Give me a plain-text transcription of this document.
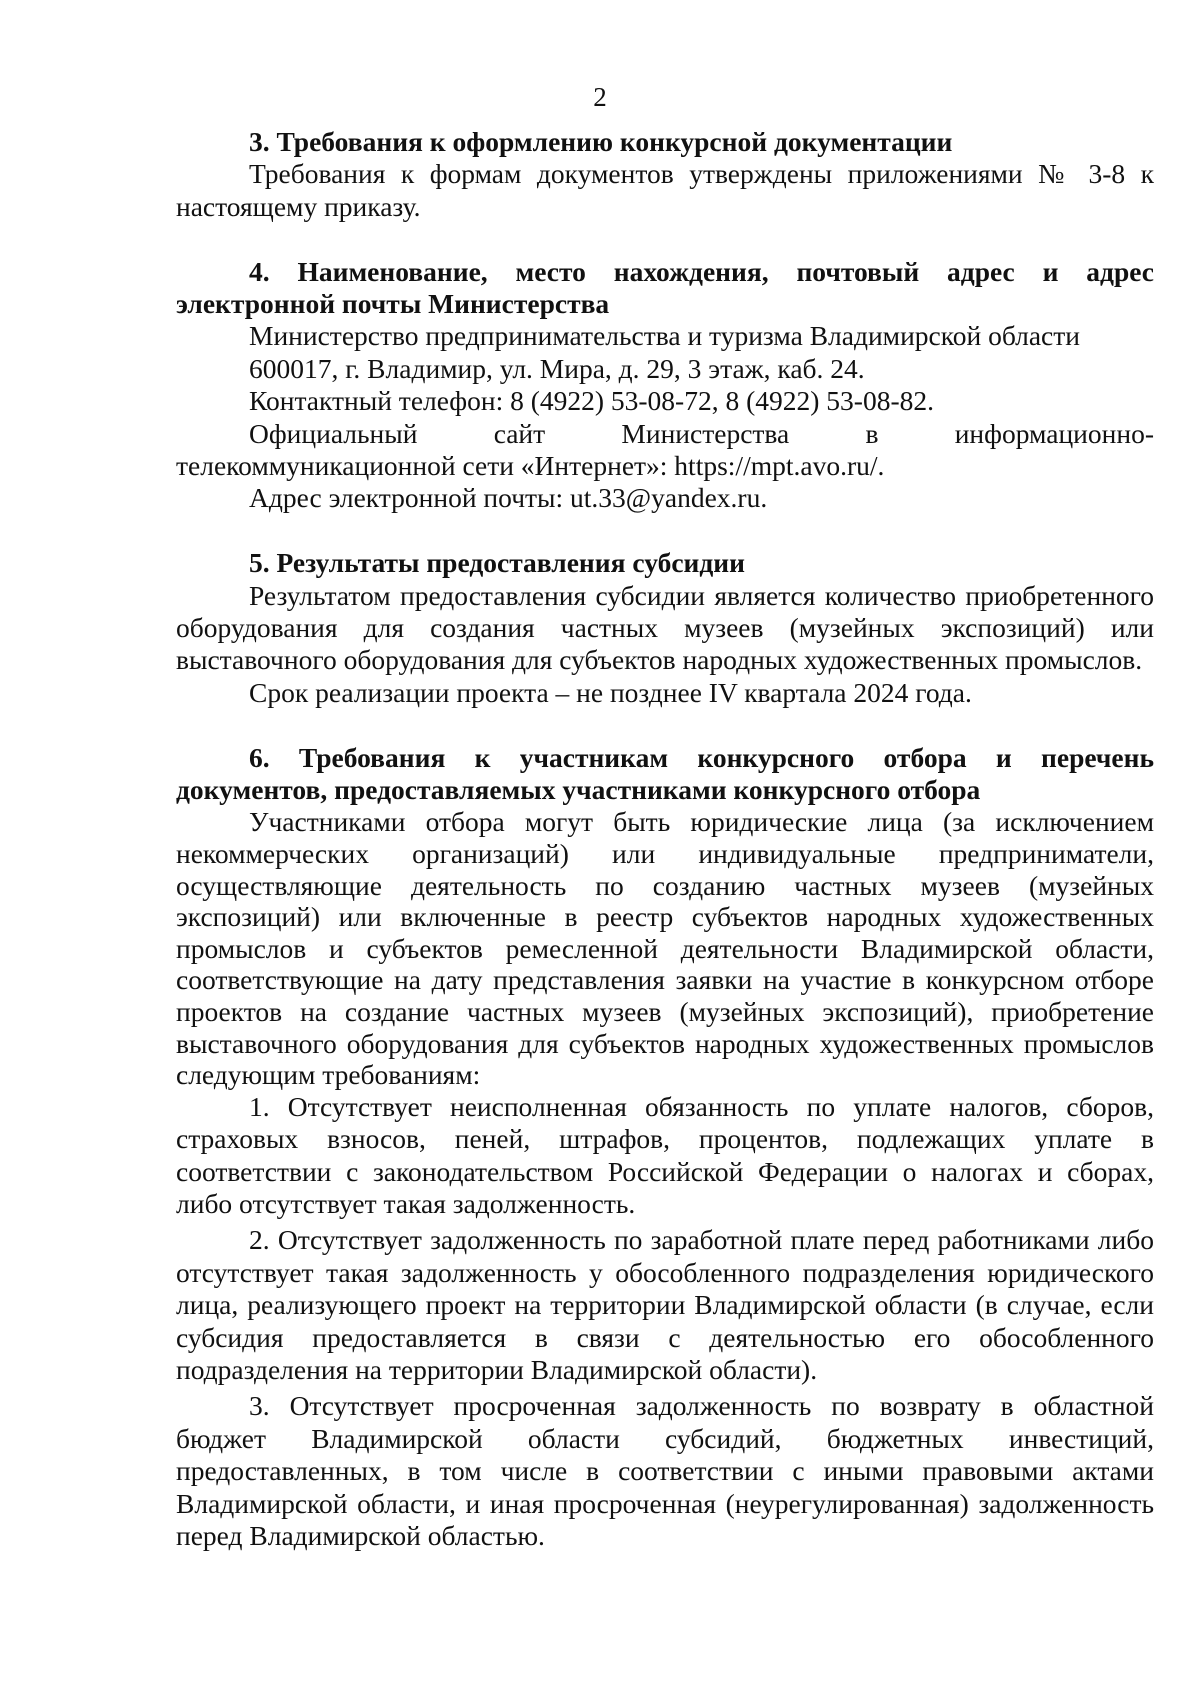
2

3. Требования к оформлению конкурсной документации

Требования к формам документов утверждены приложениями № 3-8 к настоящему приказу.

4. Наименование, место нахождения, почтовый адрес и адрес электронной почты Министерства

Министерство предпринимательства и туризма Владимирской области

600017, г. Владимир, ул. Мира, д. 29, 3 этаж, каб. 24.

Контактный телефон: 8 (4922) 53-08-72, 8 (4922) 53-08-82.

Официальный сайт Министерства в информационно-телекоммуникационной сети «Интернет»: https://mpt.avo.ru/.

Адрес электронной почты: ut.33@yandex.ru.

5. Результаты предоставления субсидии

Результатом предоставления субсидии является количество приобретенного оборудования для создания частных музеев (музейных экспозиций) или выставочного оборудования для субъектов народных художественных промыслов.

Срок реализации проекта – не позднее IV квартала 2024 года.

6. Требования к участникам конкурсного отбора и перечень документов, предоставляемых участниками конкурсного отбора

Участниками отбора могут быть юридические лица (за исключением некоммерческих организаций) или индивидуальные предприниматели, осуществляющие деятельность по созданию частных музеев (музейных экспозиций) или включенные в реестр субъектов народных художественных промыслов и субъектов ремесленной деятельности Владимирской области, соответствующие на дату представления заявки на участие в конкурсном отборе проектов на создание частных музеев (музейных экспозиций), приобретение выставочного оборудования для субъектов народных художественных промыслов следующим требованиям:

1. Отсутствует неисполненная обязанность по уплате налогов, сборов, страховых взносов, пеней, штрафов, процентов, подлежащих уплате в соответствии с законодательством Российской Федерации о налогах и сборах, либо отсутствует такая задолженность.

2. Отсутствует задолженность по заработной плате перед работниками либо отсутствует такая задолженность у обособленного подразделения юридического лица, реализующего проект на территории Владимирской области (в случае, если субсидия предоставляется в связи с деятельностью его обособленного подразделения на территории Владимирской области).

3. Отсутствует просроченная задолженность по возврату в областной бюджет Владимирской области субсидий, бюджетных инвестиций, предоставленных, в том числе в соответствии с иными правовыми актами Владимирской области, и иная просроченная (неурегулированная) задолженность перед Владимирской областью.
